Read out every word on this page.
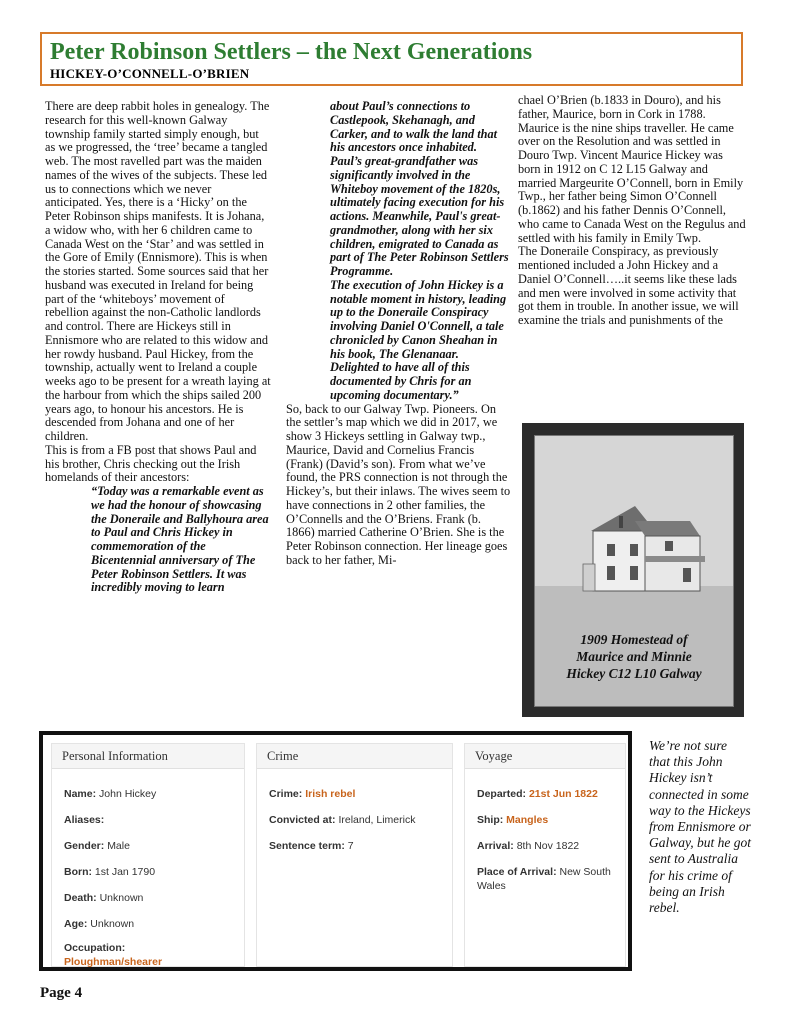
Peter Robinson Settlers – the Next Generations
HICKEY-O’CONNELL-O’BRIEN

There are deep rabbit holes in genealogy. The research for this well-known Galway township family started simply enough, but as we progressed, the ‘tree’ became a tangled web. The most ravelled part was the maiden names of the wives of the subjects. These led us to connections which we never anticipated. Yes, there is a ‘Hicky’ on the Peter Robinson ships manifests. It is Johana, a widow who, with her 6 children came to Canada West on the ‘Star’ and was settled in the Gore of Emily (Ennismore). This is when the stories started. Some sources said that her husband was executed in Ireland for being part of the ‘whiteboys’ movement of rebellion against the non-Catholic landlords and control. There are Hickeys still in Ennismore who are related to this widow and her rowdy husband. Paul Hickey, from the township, actually went to Ireland a couple weeks ago to be present for a wreath laying at the harbour from which the ships sailed 200 years ago, to honour his ancestors. He is descended from Johana and one of her children.

This is from a FB post that shows Paul and his brother, Chris checking out the Irish homelands of their ancestors:

“Today was a remarkable event as we had the honour of showcasing the Doneraile and Ballyhoura area to Paul and Chris Hickey in commemoration of the Bicentennial anniversary of The Peter Robinson Settlers. It was incredibly moving to learn

about Paul’s connections to Castlepook, Skehanagh, and Carker, and to walk the land that his ancestors once inhabited.

Paul’s great-grandfather was significantly involved in the Whiteboy movement of the 1820s, ultimately facing execution for his actions. Meanwhile, Paul's great-grandmother, along with her six children, emigrated to Canada as part of The Peter Robinson Settlers Programme.

The execution of John Hickey is a notable moment in history, leading up to the Doneraile Conspiracy involving Daniel O'Connell, a tale chronicled by Canon Sheahan in his book, The Glenanaar.

Delighted to have all of this documented by Chris for an upcoming documentary.”

So, back to our Galway Twp. Pioneers. On the settler’s map which we did in 2017, we show 3 Hickeys settling in Galway twp., Maurice, David and Cornelius Francis (Frank) (David’s son). From what we’ve found, the PRS connection is not through the Hickey’s, but their inlaws. The wives seem to have connections in 2 other families, the O’Connells and the O’Briens. Frank (b. 1866) married Catherine O’Brien. She is the Peter Robinson connection. Her lineage goes back to her father, Mi-

chael O’Brien (b.1833 in Douro), and his father, Maurice, born in Cork in 1788. Maurice is the nine ships traveller. He came over on the Resolution and was settled in Douro Twp. Vincent Maurice Hickey was born in 1912 on C 12 L15 Galway and married Margeurite O’Connell, born in Emily Twp., her father being Simon O’Connell (b.1862) and his father Dennis O’Connell, who came to Canada West on the Regulus and settled with his family in Emily Twp.

The Doneraile Conspiracy, as previously mentioned included a John Hickey and a Daniel O’Connell…..it seems like these lads and men were involved in some activity that got them in trouble. In another issue, we will examine the trials and punishments of the

1909 Homestead of
Maurice and Minnie
Hickey C12 L10 Galway
Personal Information
Name: John Hickey
Aliases:
Gender: Male
Born: 1st Jan 1790
Death: Unknown
Age: Unknown
Occupation:
Ploughman/shearer
Crime
Crime: Irish rebel
Convicted at: Ireland, Limerick
Sentence term: 7
Voyage
Departed: 21st Jun 1822
Ship: Mangles
Arrival: 8th Nov 1822
Place of Arrival: New South Wales
We’re not sure that this John Hickey isn’t connected in some way to the Hickeys from Ennismore or Galway, but he got sent to Australia for his crime of being an Irish rebel.
Page 4
